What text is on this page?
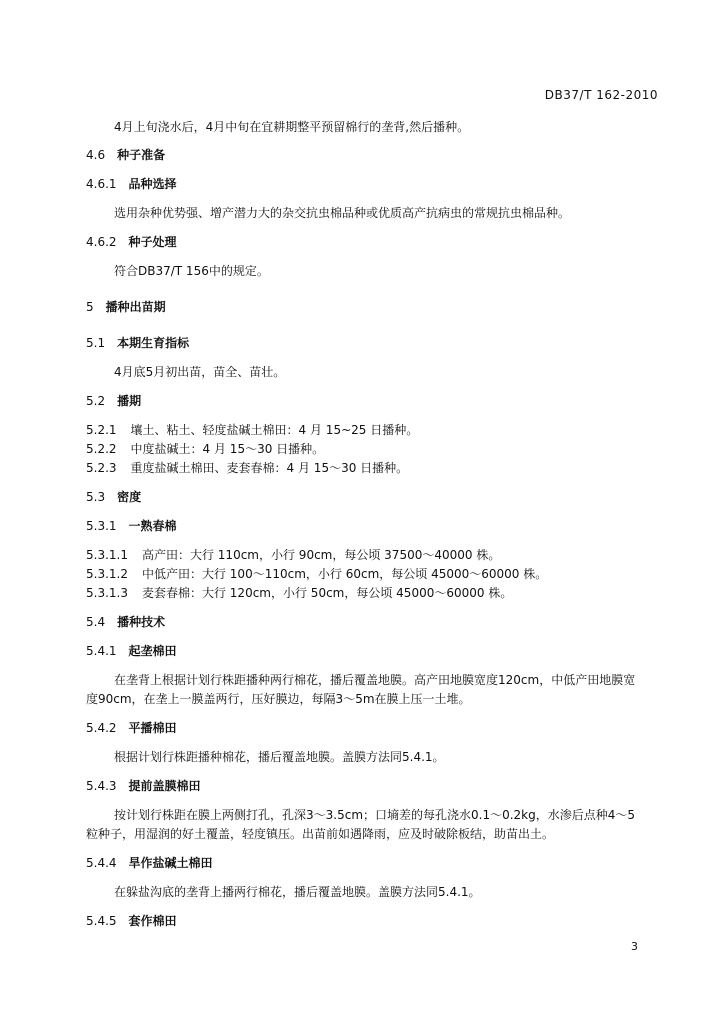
DB37/T 162-2010
4月上旬浇水后，4月中旬在宜耕期整平预留棉行的垄背,然后播种。
4.6 种子准备
4.6.1 品种选择
选用杂种优势强、增产潜力大的杂交抗虫棉品种或优质高产抗病虫的常规抗虫棉品种。
4.6.2 种子处理
符合DB37/T 156中的规定。
5 播种出苗期
5.1 本期生育指标
4月底5月初出苗，苗全、苗壮。
5.2 播期
5.2.1 壤土、粘土、轻度盐碱土棉田：4 月 15~25 日播种。
5.2.2 中度盐碱土：4 月 15～30 日播种。
5.2.3 重度盐碱土棉田、麦套春棉：4 月 15～30 日播种。
5.3 密度
5.3.1 一熟春棉
5.3.1.1 高产田：大行 110cm，小行 90cm，每公顷 37500～40000 株。
5.3.1.2 中低产田：大行 100～110cm，小行 60cm，每公顷 45000～60000 株。
5.3.1.3 麦套春棉：大行 120cm，小行 50cm，每公顷 45000～60000 株。
5.4 播种技术
5.4.1 起垄棉田
在垄背上根据计划行株距播种两行棉花，播后覆盖地膜。高产田地膜宽度120cm，中低产田地膜宽
度90cm，在垄上一膜盖两行，压好膜边，每隔3～5m在膜上压一土堆。
5.4.2 平播棉田
根据计划行株距播种棉花，播后覆盖地膜。盖膜方法同5.4.1。
5.4.3 提前盖膜棉田
按计划行株距在膜上两侧打孔，孔深3～3.5cm；口墒差的每孔浇水0.1～0.2kg，水渗后点种4～5
粒种子，用湿润的好土覆盖，轻度镇压。出苗前如遇降雨，应及时破除板结，助苗出土。
5.4.4 旱作盐碱土棉田
在躲盐沟底的垄背上播两行棉花，播后覆盖地膜。盖膜方法同5.4.1。
5.4.5 套作棉田
3
